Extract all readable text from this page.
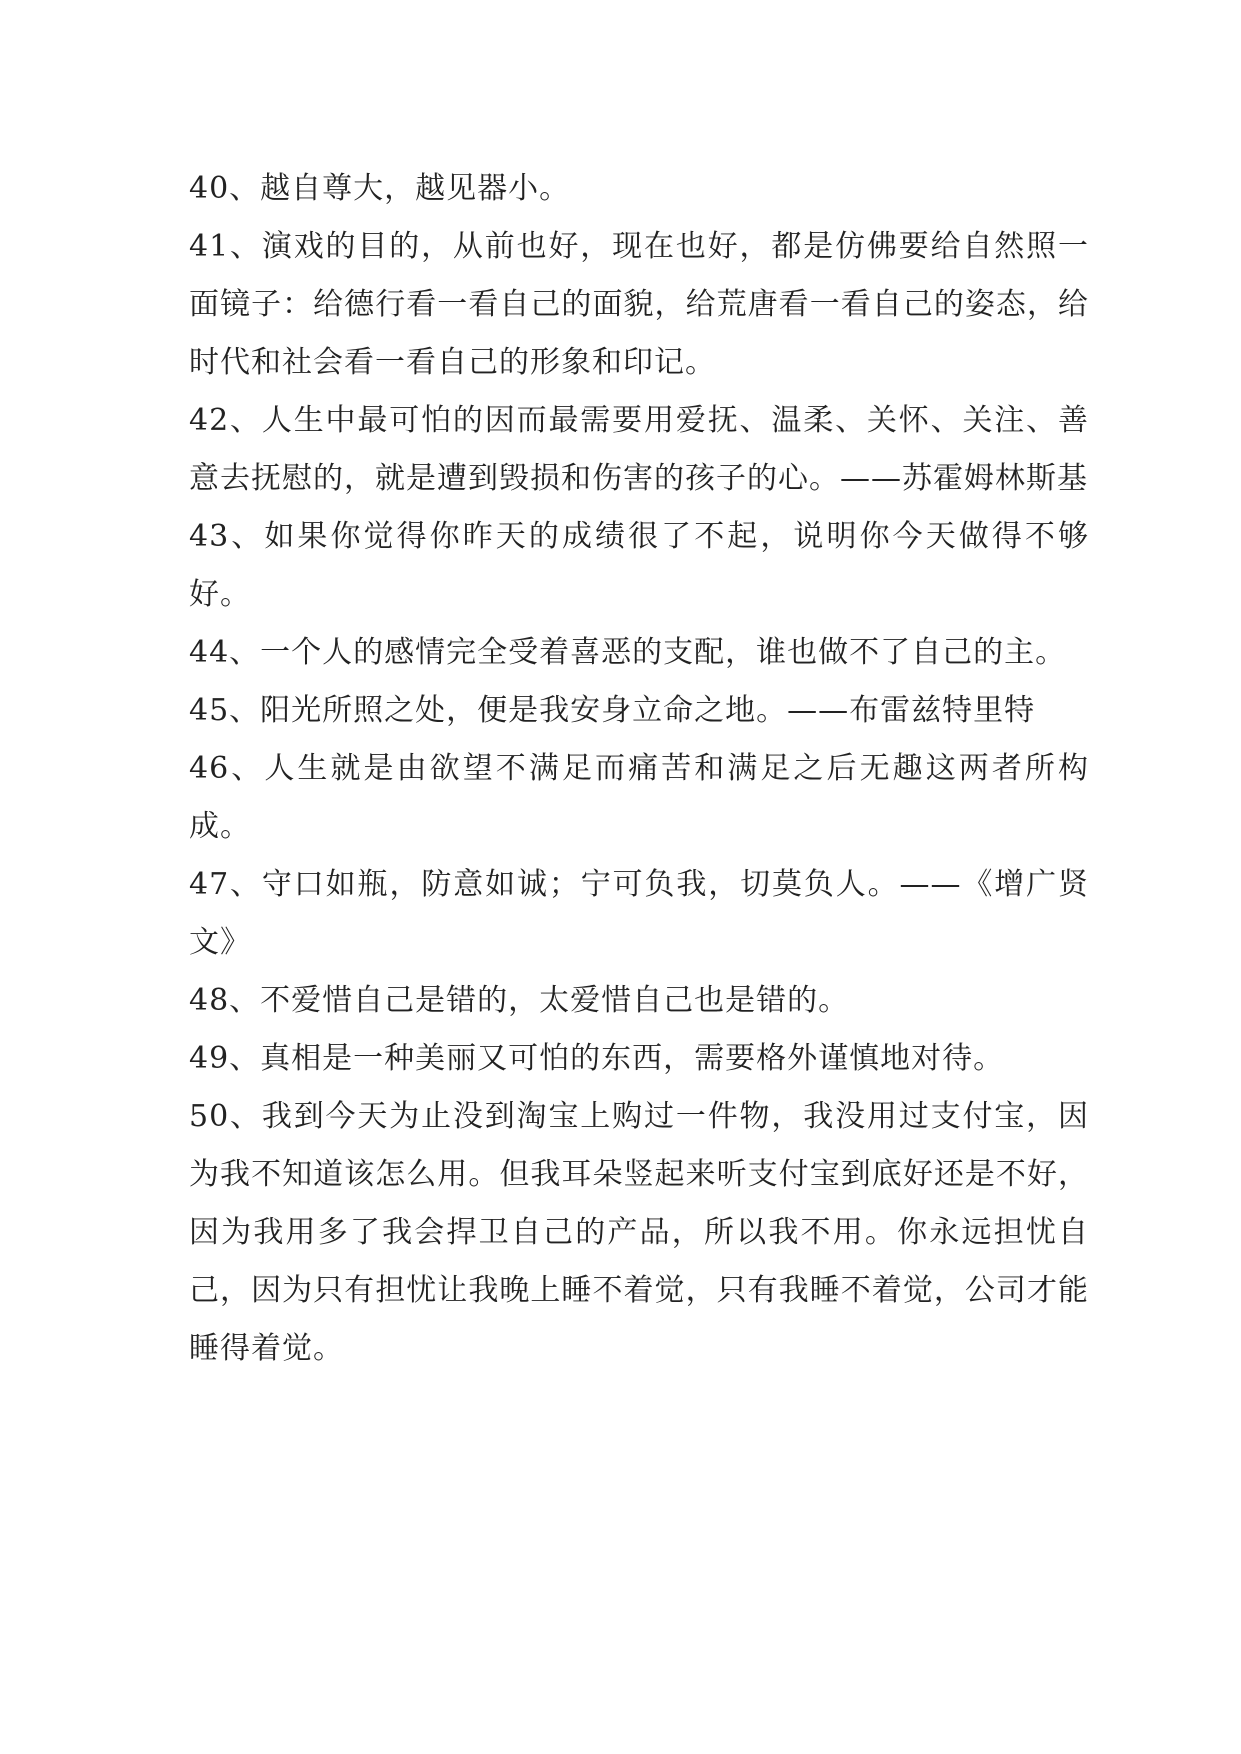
40、越自尊大，越见器小。

41、演戏的目的，从前也好，现在也好，都是仿佛要给自然照一面镜子：给德行看一看自己的面貌，给荒唐看一看自己的姿态，给时代和社会看一看自己的形象和印记。

42、人生中最可怕的因而最需要用爱抚、温柔、关怀、关注、善意去抚慰的，就是遭到毁损和伤害的孩子的心。——苏霍姆林斯基

43、如果你觉得你昨天的成绩很了不起，说明你今天做得不够好。

44、一个人的感情完全受着喜恶的支配，谁也做不了自己的主。

45、阳光所照之处，便是我安身立命之地。——布雷兹特里特

46、人生就是由欲望不满足而痛苦和满足之后无趣这两者所构成。

47、守口如瓶，防意如诚；宁可负我，切莫负人。——《增广贤文》

48、不爱惜自己是错的，太爱惜自己也是错的。

49、真相是一种美丽又可怕的东西，需要格外谨慎地对待。

50、我到今天为止没到淘宝上购过一件物，我没用过支付宝，因为我不知道该怎么用。但我耳朵竖起来听支付宝到底好还是不好，因为我用多了我会捍卫自己的产品，所以我不用。你永远担忧自己，因为只有担忧让我晚上睡不着觉，只有我睡不着觉，公司才能睡得着觉。
